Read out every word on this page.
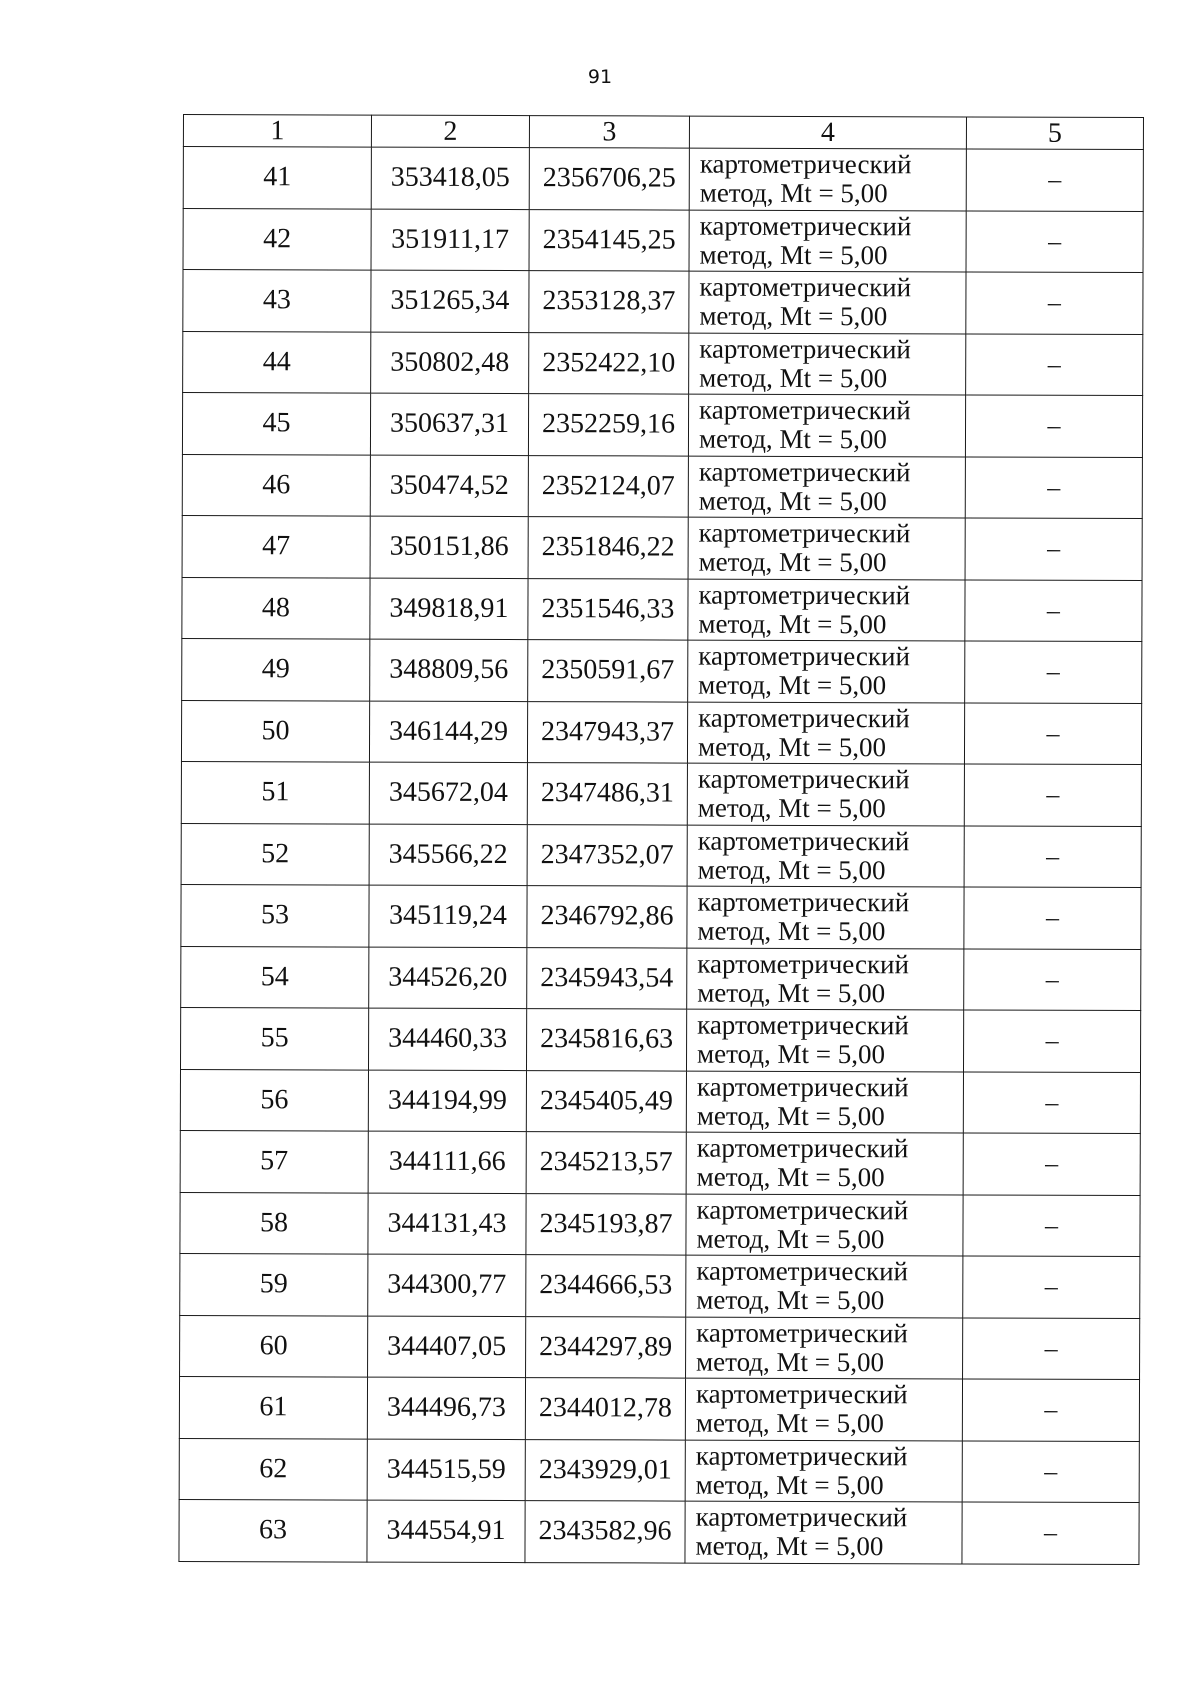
91
1	2	3	4	5
41	353418,05	2356706,25	картометрический
метод, Mt = 5,00	–
42	351911,17	2354145,25	картометрический
метод, Mt = 5,00	–
43	351265,34	2353128,37	картометрический
метод, Mt = 5,00	–
44	350802,48	2352422,10	картометрический
метод, Mt = 5,00	–
45	350637,31	2352259,16	картометрический
метод, Mt = 5,00	–
46	350474,52	2352124,07	картометрический
метод, Mt = 5,00	–
47	350151,86	2351846,22	картометрический
метод, Mt = 5,00	–
48	349818,91	2351546,33	картометрический
метод, Mt = 5,00	–
49	348809,56	2350591,67	картометрический
метод, Mt = 5,00	–
50	346144,29	2347943,37	картометрический
метод, Mt = 5,00	–
51	345672,04	2347486,31	картометрический
метод, Mt = 5,00	–
52	345566,22	2347352,07	картометрический
метод, Mt = 5,00	–
53	345119,24	2346792,86	картометрический
метод, Mt = 5,00	–
54	344526,20	2345943,54	картометрический
метод, Mt = 5,00	–
55	344460,33	2345816,63	картометрический
метод, Mt = 5,00	–
56	344194,99	2345405,49	картометрический
метод, Mt = 5,00	–
57	344111,66	2345213,57	картометрический
метод, Mt = 5,00	–
58	344131,43	2345193,87	картометрический
метод, Mt = 5,00	–
59	344300,77	2344666,53	картометрический
метод, Mt = 5,00	–
60	344407,05	2344297,89	картометрический
метод, Mt = 5,00	–
61	344496,73	2344012,78	картометрический
метод, Mt = 5,00	–
62	344515,59	2343929,01	картометрический
метод, Mt = 5,00	–
63	344554,91	2343582,96	картометрический
метод, Mt = 5,00	–
